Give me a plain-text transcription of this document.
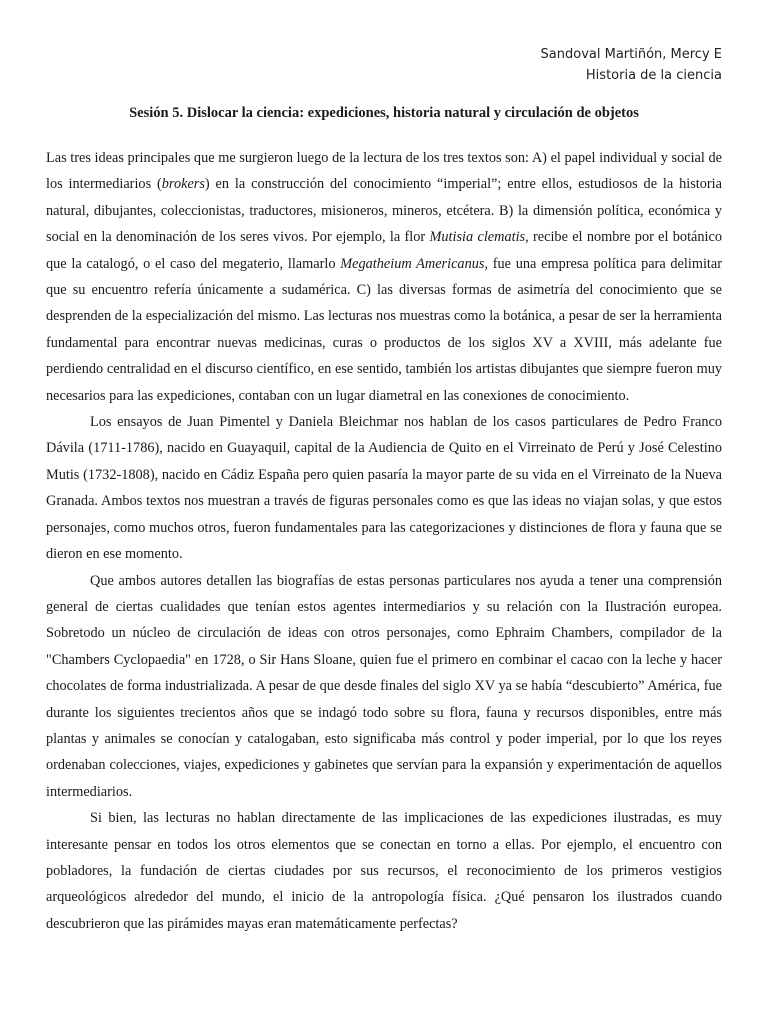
Sandoval Martiñón, Mercy E
Historia de la ciencia
Sesión 5. Dislocar la ciencia: expediciones, historia natural y circulación de objetos

Las tres ideas principales que me surgieron luego de la lectura de los tres textos son: A) el papel individual y social de los intermediarios (brokers) en la construcción del conocimiento “imperial”; entre ellos, estudiosos de la historia natural, dibujantes, coleccionistas, traductores, misioneros, mineros, etcétera. B) la dimensión política, económica y social en la denominación de los seres vivos. Por ejemplo, la flor Mutisia clematis, recibe el nombre por el botánico que la catalogó, o el caso del megaterio, llamarlo Megatheium Americanus, fue una empresa política para delimitar que su encuentro refería únicamente a sudamérica. C) las diversas formas de asimetría del conocimiento que se desprenden de la especialización del mismo. Las lecturas nos muestras como la botánica, a pesar de ser la herramienta fundamental para encontrar nuevas medicinas, curas o productos de los siglos XV a XVIII, más adelante fue perdiendo centralidad en el discurso científico, en ese sentido, también los artistas dibujantes que siempre fueron muy necesarios para las expediciones, contaban con un lugar diametral en las conexiones de conocimiento.

Los ensayos de Juan Pimentel y Daniela Bleichmar nos hablan de los casos particulares de Pedro Franco Dávila (1711-1786), nacido en Guayaquil, capital de la Audiencia de Quito en el Virreinato de Perú y José Celestino Mutis (1732-1808), nacido en Cádiz España pero quien pasaría la mayor parte de su vida en el Virreinato de la Nueva Granada. Ambos textos nos muestran a través de figuras personales como es que las ideas no viajan solas, y que estos personajes, como muchos otros, fueron fundamentales para las categorizaciones y distinciones de flora y fauna que se dieron en ese momento.

Que ambos autores detallen las biografías de estas personas particulares nos ayuda a tener una comprensión general de ciertas cualidades que tenían estos agentes intermediarios y su relación con la Ilustración europea. Sobretodo un núcleo de circulación de ideas con otros personajes, como Ephraim Chambers, compilador de la "Chambers Cyclopaedia" en 1728, o Sir Hans Sloane, quien fue el primero en combinar el cacao con la leche y hacer chocolates de forma industrializada. A pesar de que desde finales del siglo XV ya se había “descubierto” América, fue durante los siguientes trecientos años que se indagó todo sobre su flora, fauna y recursos disponibles, entre más plantas y animales se conocían y catalogaban, esto significaba más control y poder imperial, por lo que los reyes ordenaban colecciones, viajes, expediciones y gabinetes que servían para la expansión y experimentación de aquellos intermediarios.

Si bien, las lecturas no hablan directamente de las implicaciones de las expediciones ilustradas, es muy interesante pensar en todos los otros elementos que se conectan en torno a ellas. Por ejemplo, el encuentro con pobladores, la fundación de ciertas ciudades por sus recursos, el reconocimiento de los primeros vestigios arqueológicos alrededor del mundo, el inicio de la antropología física. ¿Qué pensaron los ilustrados cuando descubrieron que las pirámides mayas eran matemáticamente perfectas?
